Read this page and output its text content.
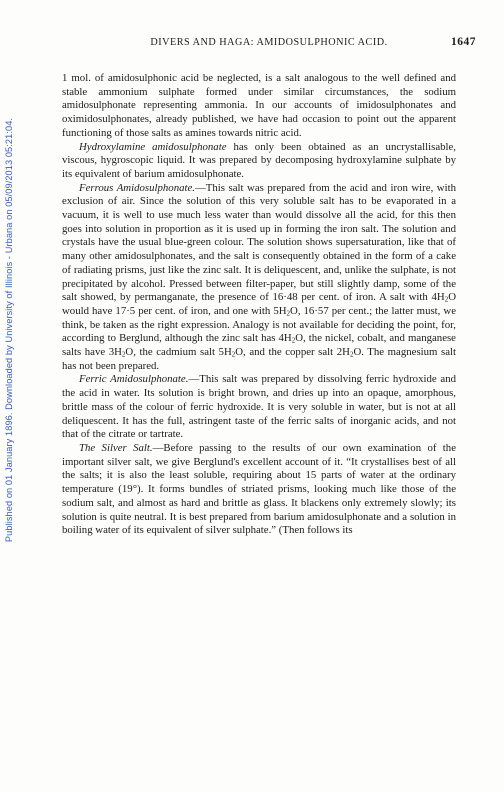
Published on 01 January 1896. Downloaded by University of Illinois - Urbana on 05/09/2013 05:21:04.
DIVERS AND HAGA: AMIDOSULPHONIC ACID.	1647

1 mol. of amidosulphonic acid be neglected, is a salt analogous to the well defined and stable ammonium sulphate formed under similar circumstances, the sodium amidosulphonate representing ammonia. In our accounts of imidosulphonates and oximidosulphonates, already published, we have had occasion to point out the apparent functioning of those salts as amines towards nitric acid.

Hydroxylamine amidosulphonate has only been obtained as an uncrystallisable, viscous, hygroscopic liquid. It was prepared by decomposing hydroxylamine sulphate by its equivalent of barium amidosulphonate.

Ferrous Amidosulphonate.—This salt was prepared from the acid and iron wire, with exclusion of air. Since the solution of this very soluble salt has to be evaporated in a vacuum, it is well to use much less water than would dissolve all the acid, for this then goes into solution in proportion as it is used up in forming the iron salt. The solution and crystals have the usual blue-green colour. The solution shows supersaturation, like that of many other amidosulphonates, and the salt is consequently obtained in the form of a cake of radiating prisms, just like the zinc salt. It is deliquescent, and, unlike the sulphate, is not precipitated by alcohol. Pressed between filter-paper, but still slightly damp, some of the salt showed, by permanganate, the presence of 16·48 per cent. of iron. A salt with $4H_2O$ would have 17·5 per cent. of iron, and one with $5H_2O$, 16·57 per cent.; the latter must, we think, be taken as the right expression. Analogy is not available for deciding the point, for, according to Berglund, although the zinc salt has $4H_2O$, the nickel, cobalt, and manganese salts have $3H_2O$, the cadmium salt $5H_2O$, and the copper salt $2H_2O$. The magnesium salt has not been prepared.

Ferric Amidosulphonate.—This salt was prepared by dissolving ferric hydroxide and the acid in water. Its solution is bright brown, and dries up into an opaque, amorphous, brittle mass of the colour of ferric hydroxide. It is very soluble in water, but is not at all deliquescent. It has the full, astringent taste of the ferric salts of inorganic acids, and not that of the citrate or tartrate.

The Silver Salt.—Before passing to the results of our own examination of the important silver salt, we give Berglund's excellent account of it. “It crystallises best of all the salts; it is also the least soluble, requiring about 15 parts of water at the ordinary temperature (19°). It forms bundles of striated prisms, looking much like those of the sodium salt, and almost as hard and brittle as glass. It blackens only extremely slowly; its solution is quite neutral. It is best prepared from barium amidosulphonate and a solution in boiling water of its equivalent of silver sulphate.” (Then follows its
